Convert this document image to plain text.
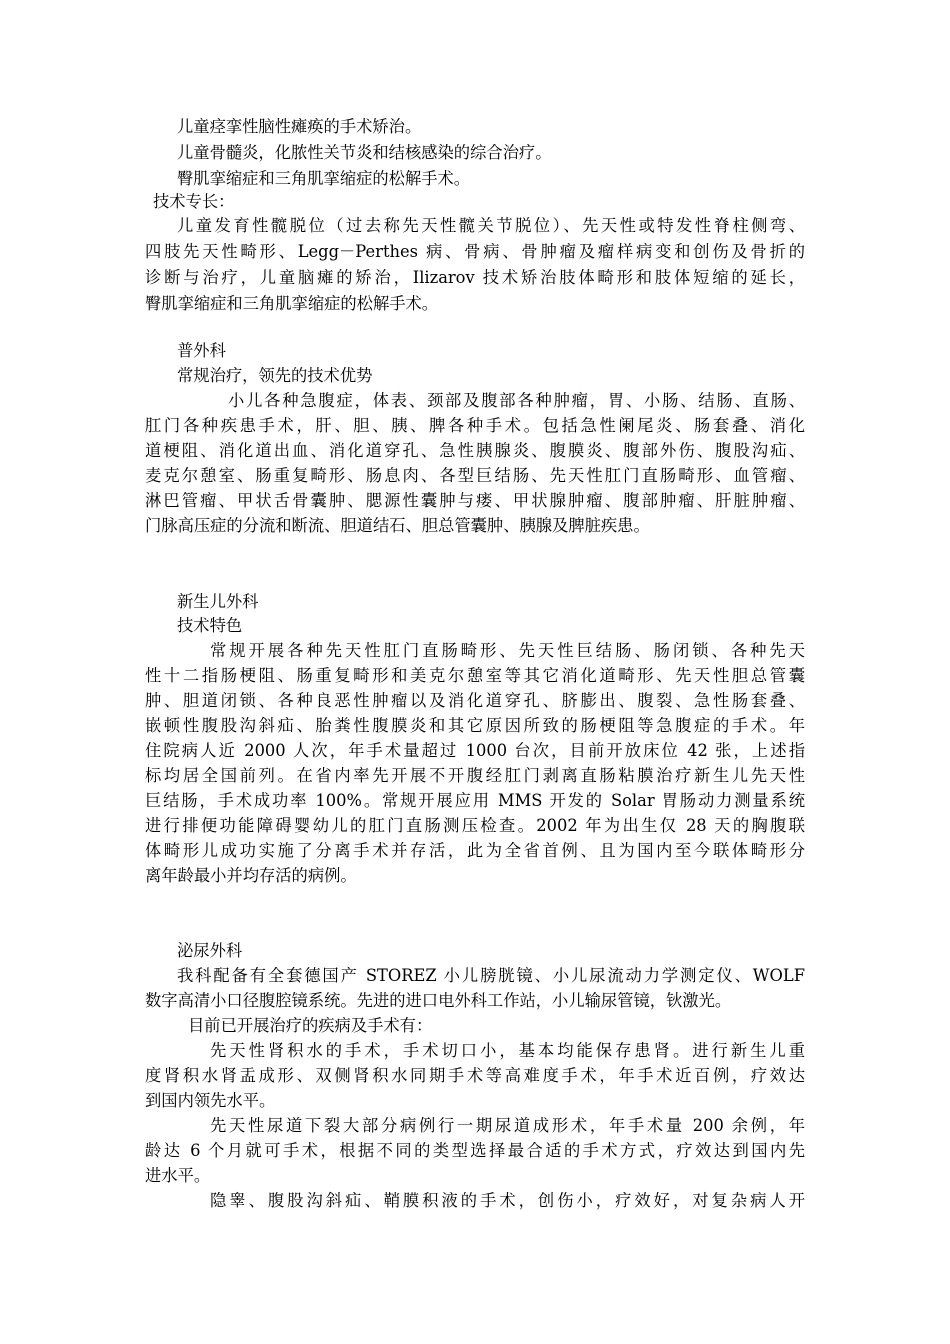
儿童痉挛性脑性瘫痪的手术矫治。
儿童骨髓炎，化脓性关节炎和结核感染的综合治疗。
臀肌挛缩症和三角肌挛缩症的松解手术。
技术专长：
儿童发育性髋脱位（过去称先天性髋关节脱位）、先天性或特发性脊柱侧弯、
四肢先天性畸形、Legg－Perthes 病、骨病、骨肿瘤及瘤样病变和创伤及骨折的
诊断与治疗，儿童脑瘫的矫治，Ilizarov 技术矫治肢体畸形和肢体短缩的延长，
臀肌挛缩症和三角肌挛缩症的松解手术。
普外科
常规治疗，领先的技术优势
小儿各种急腹症，体表、颈部及腹部各种肿瘤，胃、小肠、结肠、直肠、
肛门各种疾患手术，肝、胆、胰、脾各种手术。包括急性阑尾炎、肠套叠、消化
道梗阻、消化道出血、消化道穿孔、急性胰腺炎、腹膜炎、腹部外伤、腹股沟疝、
麦克尔憩室、肠重复畸形、肠息肉、各型巨结肠、先天性肛门直肠畸形、血管瘤、
淋巴管瘤、甲状舌骨囊肿、腮源性囊肿与瘘、甲状腺肿瘤、腹部肿瘤、肝脏肿瘤、
门脉高压症的分流和断流、胆道结石、胆总管囊肿、胰腺及脾脏疾患。
新生儿外科
技术特色
常规开展各种先天性肛门直肠畸形、先天性巨结肠、肠闭锁、各种先天
性十二指肠梗阻、肠重复畸形和美克尔憩室等其它消化道畸形、先天性胆总管囊
肿、胆道闭锁、各种良恶性肿瘤以及消化道穿孔、脐膨出、腹裂、急性肠套叠、
嵌顿性腹股沟斜疝、胎粪性腹膜炎和其它原因所致的肠梗阻等急腹症的手术。年
住院病人近 2000 人次，年手术量超过 1000 台次，目前开放床位 42 张，上述指
标均居全国前列。在省内率先开展不开腹经肛门剥离直肠粘膜治疗新生儿先天性
巨结肠，手术成功率 100%。常规开展应用 MMS 开发的 Solar 胃肠动力测量系统
进行排便功能障碍婴幼儿的肛门直肠测压检查。2002 年为出生仅 28 天的胸腹联
体畸形儿成功实施了分离手术并存活，此为全省首例、且为国内至今联体畸形分
离年龄最小并均存活的病例。
泌尿外科
我科配备有全套德国产 STOREZ 小儿膀胱镜、小儿尿流动力学测定仪、WOLF
数字高清小口径腹腔镜系统。先进的进口电外科工作站，小儿输尿管镜，钬激光。
目前已开展治疗的疾病及手术有：
先天性肾积水的手术，手术切口小，基本均能保存患肾。进行新生儿重
度肾积水肾盂成形、双侧肾积水同期手术等高难度手术，年手术近百例，疗效达
到国内领先水平。
先天性尿道下裂大部分病例行一期尿道成形术，年手术量 200 余例，年
龄达 6 个月就可手术，根据不同的类型选择最合适的手术方式，疗效达到国内先
进水平。
隐睾、腹股沟斜疝、鞘膜积液的手术，创伤小，疗效好，对复杂病人开
